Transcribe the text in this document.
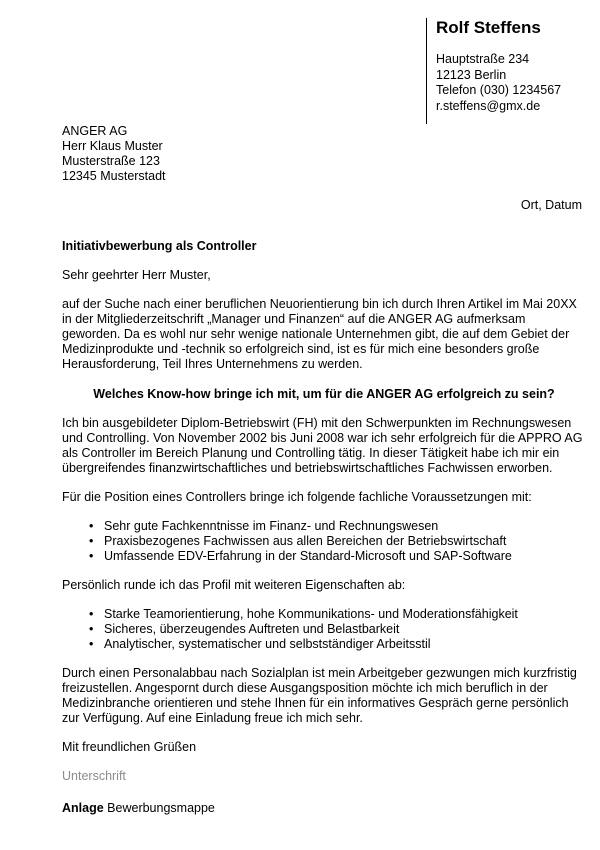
Rolf Steffens
Hauptstraße 234
12123 Berlin
Telefon (030) 1234567
r.steffens@gmx.de
ANGER AG
Herr Klaus Muster
Musterstraße 123
12345 Musterstadt
Ort, Datum

Initiativbewerbung als Controller

Sehr geehrter Herr Muster,

auf der Suche nach einer beruflichen Neuorientierung bin ich durch Ihren Artikel im Mai 20XX in der Mitgliederzeitschrift „Manager und Finanzen“ auf die ANGER AG aufmerksam geworden. Da es wohl nur sehr wenige nationale Unternehmen gibt, die auf dem Gebiet der Medizinprodukte und -technik so erfolgreich sind, ist es für mich eine besonders große Herausforderung, Teil Ihres Unternehmens zu werden.

Welches Know-how bringe ich mit, um für die ANGER AG erfolgreich zu sein?

Ich bin ausgebildeter Diplom-Betriebswirt (FH) mit den Schwerpunkten im Rechnungswesen und Controlling. Von November 2002 bis Juni 2008 war ich sehr erfolgreich für die APPRO AG als Controller im Bereich Planung und Controlling tätig. In dieser Tätigkeit habe ich mir ein übergreifendes finanzwirtschaftliches und betriebswirtschaftliches Fachwissen erworben.

Für die Position eines Controllers bringe ich folgende fachliche Voraussetzungen mit:

• Sehr gute Fachkenntnisse im Finanz- und Rechnungswesen
• Praxisbezogenes Fachwissen aus allen Bereichen der Betriebswirtschaft
• Umfassende EDV-Erfahrung in der Standard-Microsoft und SAP-Software

Persönlich runde ich das Profil mit weiteren Eigenschaften ab:

• Starke Teamorientierung, hohe Kommunikations- und Moderationsfähigkeit
• Sicheres, überzeugendes Auftreten und Belastbarkeit
• Analytischer, systematischer und selbstständiger Arbeitsstil

Durch einen Personalabbau nach Sozialplan ist mein Arbeitgeber gezwungen mich kurzfristig freizustellen. Angespornt durch diese Ausgangsposition möchte ich mich beruflich in der Medizinbranche orientieren und stehe Ihnen für ein informatives Gespräch gerne persönlich zur Verfügung. Auf eine Einladung freue ich mich sehr.

Mit freundlichen Grüßen

Unterschrift

Anlage Bewerbungsmappe
